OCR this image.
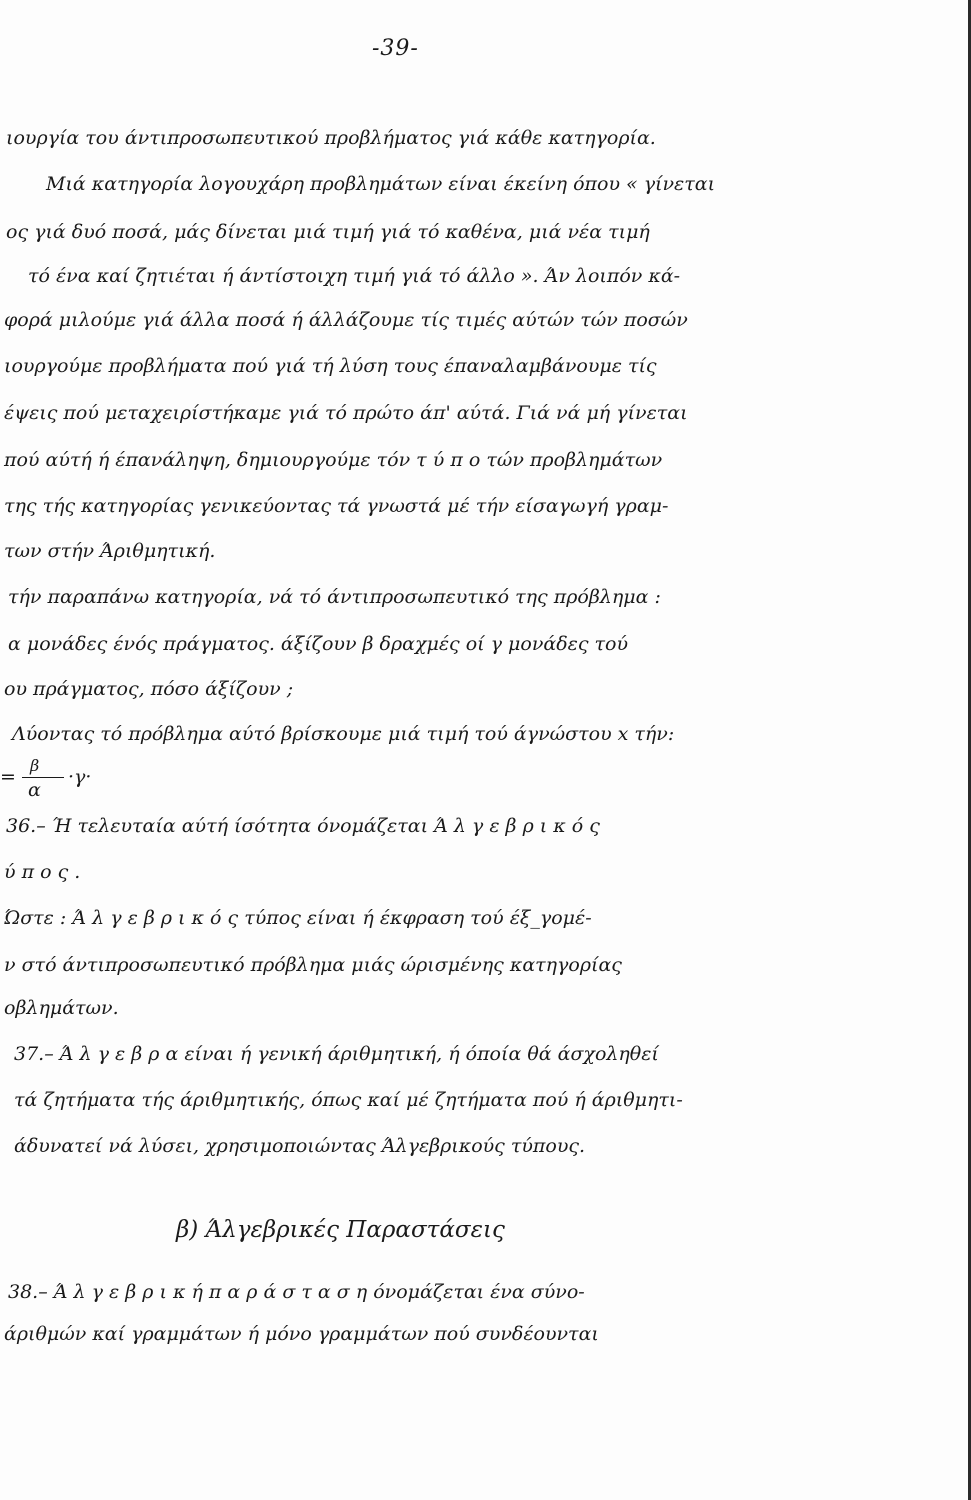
-39-
ιουργία του άντιπροσωπευτικού προβλήματος γιά κάθε κατηγορία.
Μιά κατηγορία λογουχάρη προβλημάτων είναι έκείνη όπου « γίνεται
ος γιά δυό ποσά, μάς δίνεται μιά τιμή γιά τό καθένα, μιά νέα τιμή
τό ένα καί ζητιέται ή άντίστοιχη τιμή γιά τό άλλο ». Άν λοιπόν κά-
φορά μιλούμε γιά άλλα ποσά ή άλλάζουμε τίς τιμές αύτών τών ποσών
ιουργούμε προβλήματα πού γιά τή λύση τους έπαναλαμβάνουμε τίς
έψεις πού μεταχειρίστήκαμε γιά τό πρώτο άπ' αύτά. Γιά νά μή γίνεται
πού αύτή ή έπανάληψη, δημιουργούμε τόν τ ύ π ο τών προβλημάτων
της τής κατηγορίας γενικεύοντας τά γνωστά μέ τήν είσαγωγή γραμ-
των στήν Άριθμητική.
τήν παραπάνω κατηγορία, νά τό άντιπροσωπευτικό της πρόβλημα :
α μονάδες ένός πράγματος. άξίζουν β δραχμές οί γ μονάδες τού
ου πράγματος, πόσο άξίζουν ;
Λύοντας τό πρόβλημα αύτό βρίσκουμε μιά τιμή τού άγνώστου x τήν:
=
β
α
·γ·
36.– Ή τελευταία αύτή ίσότητα όνομάζεται Ά λ γ ε β ρ ι κ ό ς
ύ π ο ς .
Ώστε : Ά λ γ ε β ρ ι κ ό ς τύπος είναι ή έκφραση τού έξ_γομέ-
ν στό άντιπροσωπευτικό πρόβλημα μιάς ώρισμένης κατηγορίας
οβλημάτων.
37.– Ά λ γ ε β ρ α είναι ή γενική άριθμητική, ή όποία θά άσχοληθεί
τά ζητήματα τής άριθμητικής, όπως καί μέ ζητήματα πού ή άριθμητι-
άδυνατεί νά λύσει, χρησιμοποιώντας Άλγεβρικούς τύπους.
β) Άλγεβρικές Παραστάσεις
38.– Ά λ γ ε β ρ ι κ ή π α ρ ά σ τ α σ η όνομάζεται ένα σύνο-
άριθμών καί γραμμάτων ή μόνο γραμμάτων πού συνδέουνται
